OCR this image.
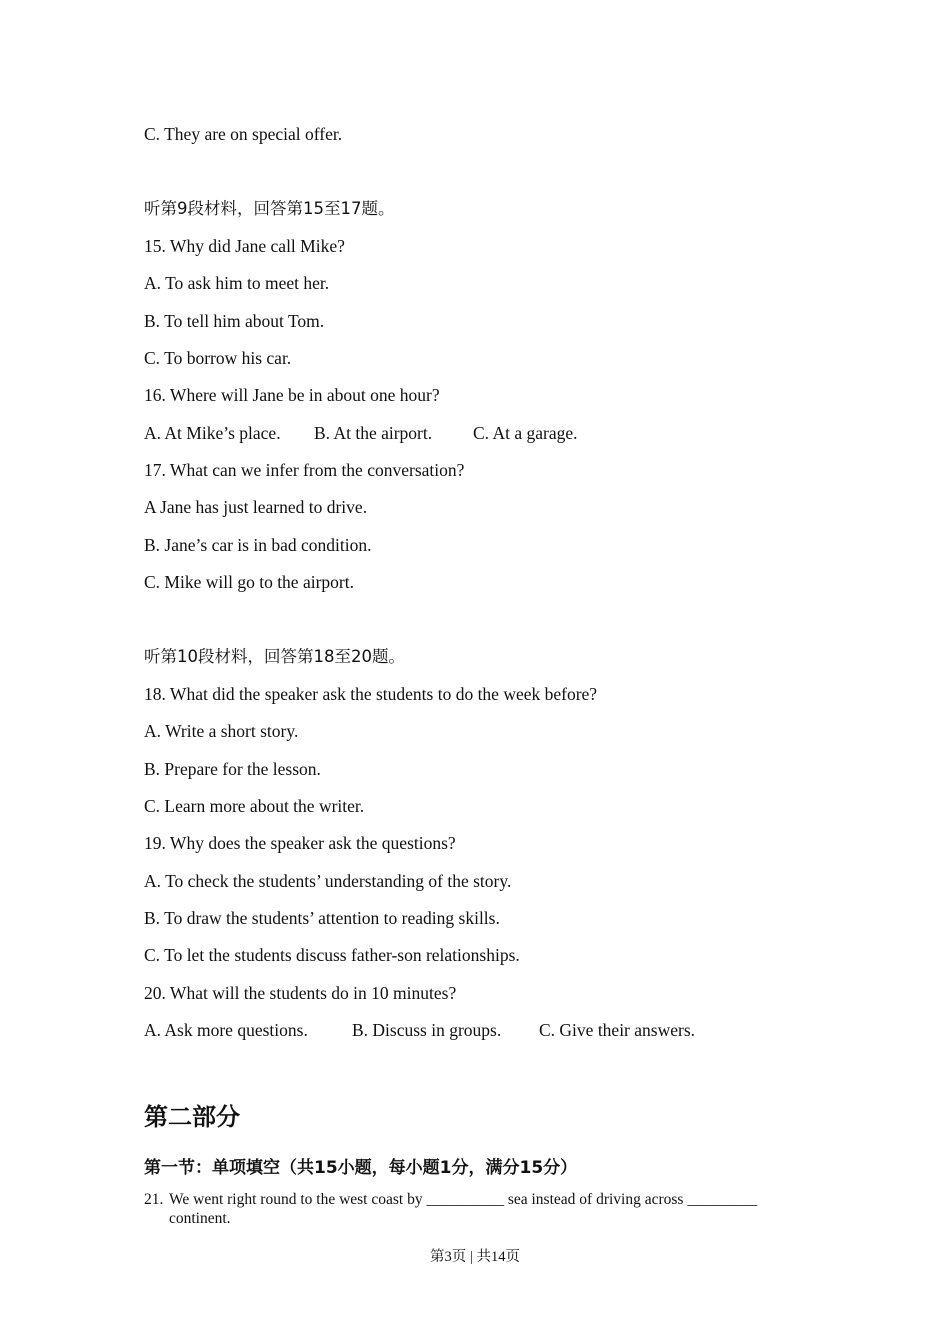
C. They are on special offer.
听第9段材料，回答第15至17题。
15. Why did Jane call Mike?
A. To ask him to meet her.
B. To tell him about Tom.
C. To borrow his car.
16. Where will Jane be in about one hour?
A. At Mike’s place. B. At the airport. C. At a garage.
17. What can we infer from the conversation?
A Jane has just learned to drive.
B. Jane’s car is in bad condition.
C. Mike will go to the airport.
听第10段材料，回答第18至20题。
18. What did the speaker ask the students to do the week before?
A. Write a short story.
B. Prepare for the lesson.
C. Learn more about the writer.
19. Why does the speaker ask the questions?
A. To check the students’ understanding of the story.
B. To draw the students’ attention to reading skills.
C. To let the students discuss father-son relationships.
20. What will the students do in 10 minutes?
A. Ask more questions.	B. Discuss in groups. C. Give their answers.
第二部分
第一节：单项填空（共15小题，每小题1分，满分15分）
21. We went right round to the west coast by __________ sea instead of driving across _________ continent.
第3页 | 共14页
